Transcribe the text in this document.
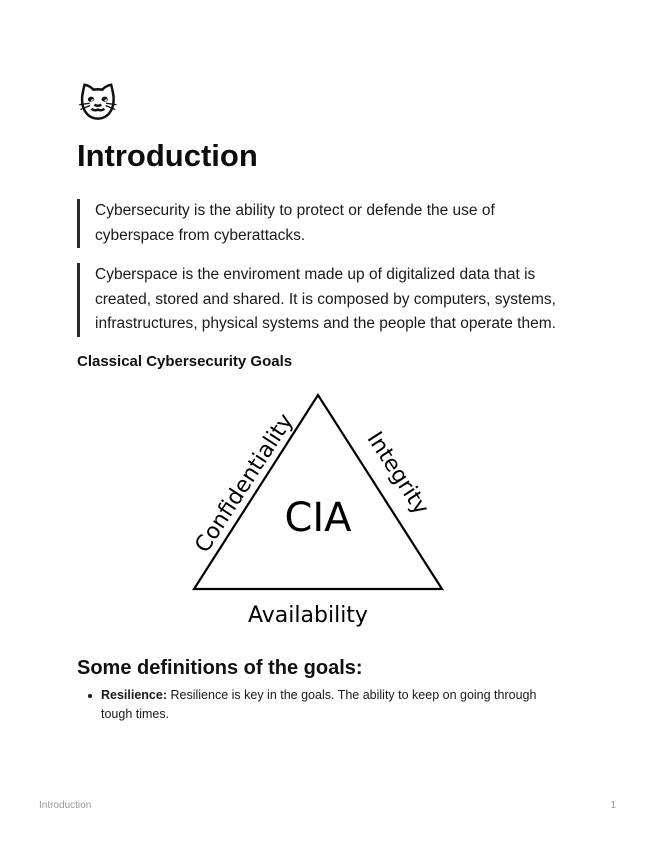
🐱
Introduction
Cybersecurity is the ability to protect or defende the use of cyberspace from cyberattacks.
Cyberspace is the enviroment made up of digitalized data that is created, stored and shared. It is composed by computers, systems, infrastructures, physical systems and the people that operate them.
Classical Cybersecurity Goals
CIA
Confidentiality	Integrity
Availability
Some definitions of the goals:
Resilience: Resilience is key in the goals. The ability to keep on going through tough times.
Introduction	1
